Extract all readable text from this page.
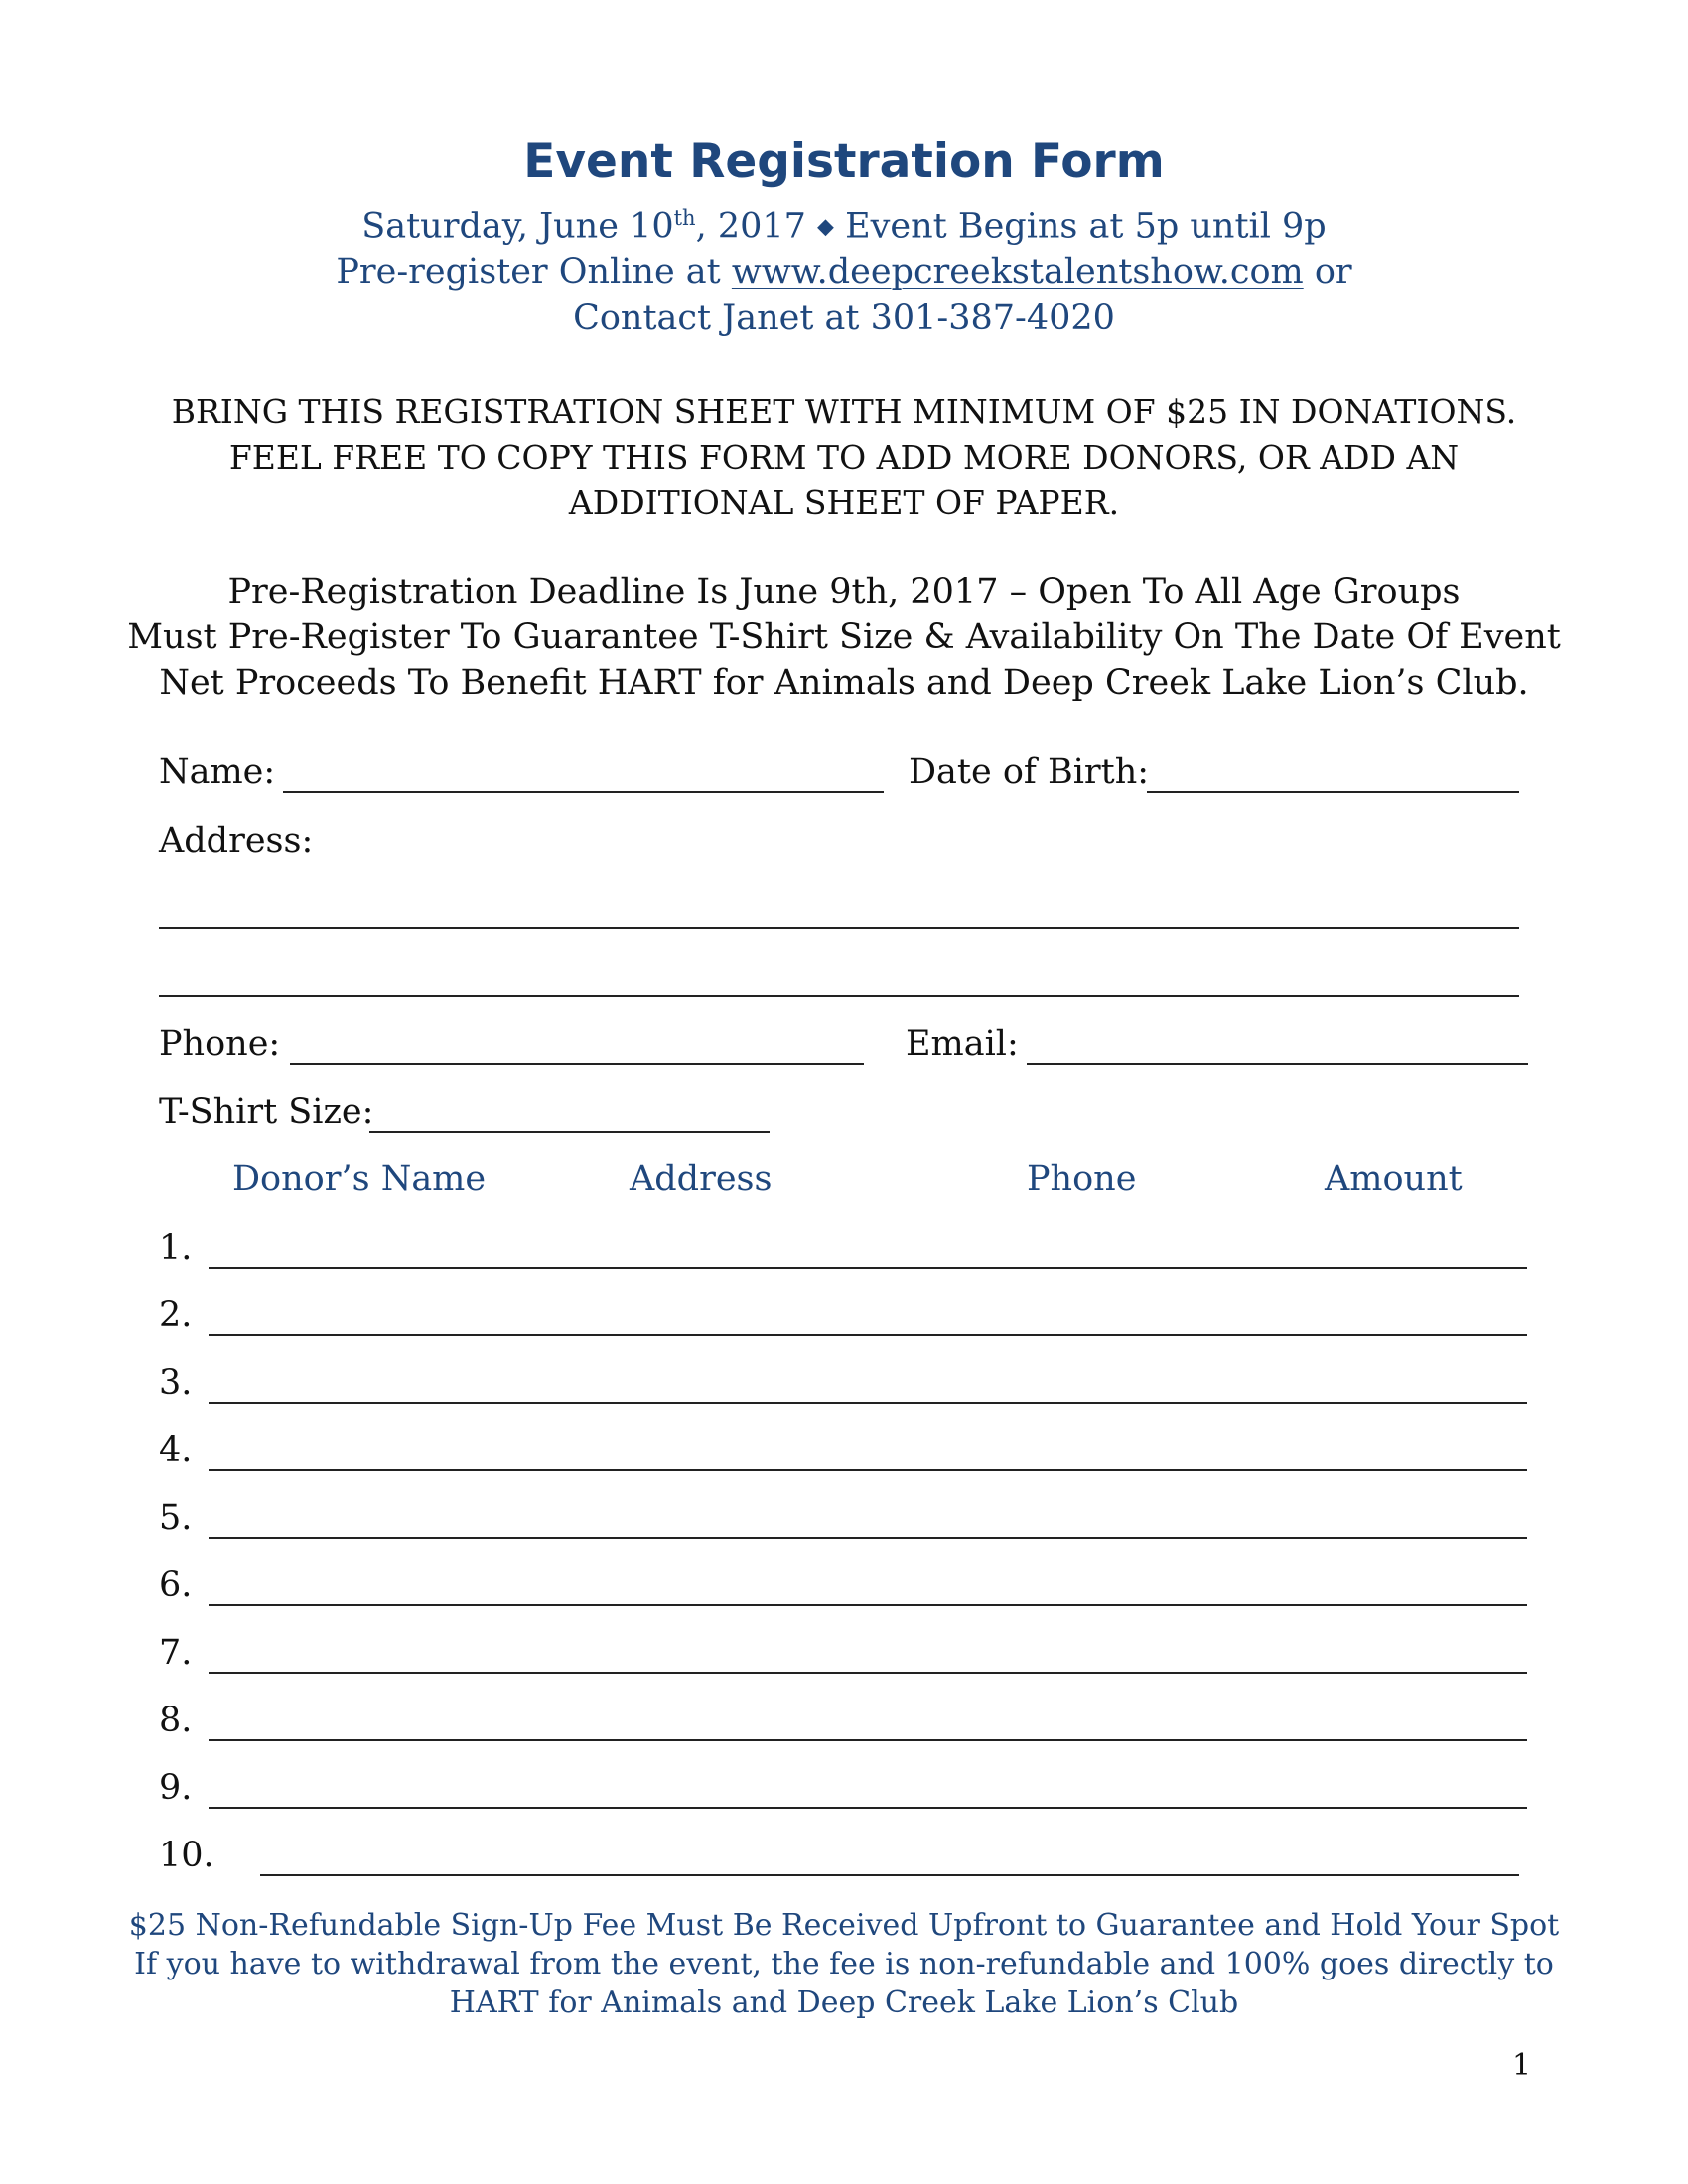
Event Registration Form
Saturday, June 10th, 2017 ◆ Event Begins at 5p until 9p
Pre-register Online at www.deepcreekstalentshow.com or
Contact Janet at 301-387-4020
BRING THIS REGISTRATION SHEET WITH MINIMUM OF $25 IN DONATIONS.
FEEL FREE TO COPY THIS FORM TO ADD MORE DONORS, OR ADD AN
ADDITIONAL SHEET OF PAPER.
Pre-Registration Deadline Is June 9th, 2017 – Open To All Age Groups
Must Pre-Register To Guarantee T-Shirt Size & Availability On The Date Of Event
Net Proceeds To Benefit HART for Animals and Deep Creek Lake Lion’s Club.
Name:	Date of Birth:
Address:
Phone:	Email:
T-Shirt Size:
Donor’s Name	Address	Phone	Amount
1.
2.
3.
4.
5.
6.
7.
8.
9.
10.
$25 Non-Refundable Sign-Up Fee Must Be Received Upfront to Guarantee and Hold Your Spot
If you have to withdrawal from the event, the fee is non-refundable and 100% goes directly to
HART for Animals and Deep Creek Lake Lion’s Club
1
